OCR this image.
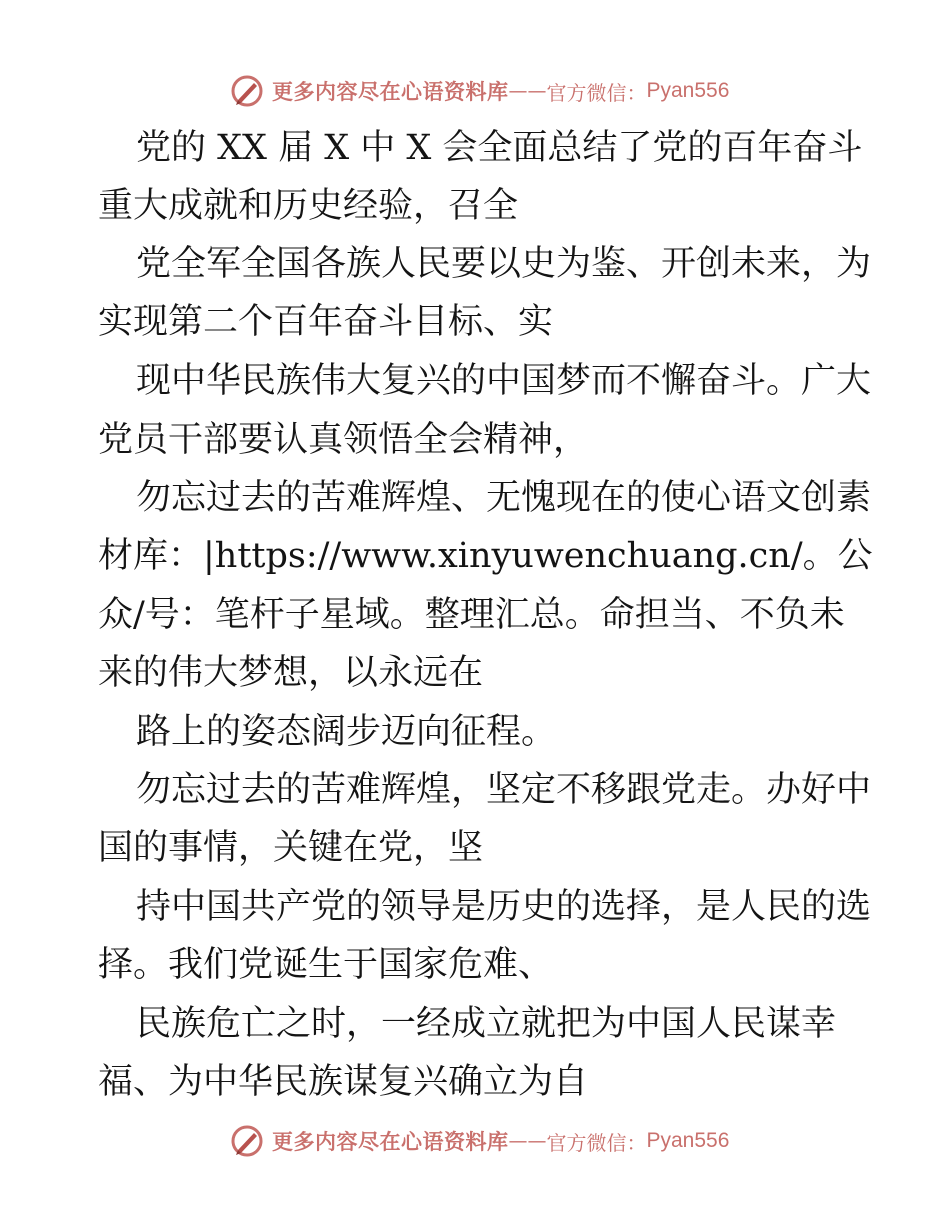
更多内容尽在心语资料库 —— 官方微信： Pyan556
党的 XX 届 X 中 X 会全面总结了党的百年奋斗
重大成就和历史经验，召全
党全军全国各族人民要以史为鉴、开创未来，为
实现第二个百年奋斗目标、实
现中华民族伟大复兴的中国梦而不懈奋斗。广大
党员干部要认真领悟全会精神，
勿忘过去的苦难辉煌、无愧现在的使心语文创素
材库：|https://www.xinyuwenchuang.cn/。公
众/号：笔杆子星域。整理汇总。命担当、不负未
来的伟大梦想，以永远在
路上的姿态阔步迈向征程。
勿忘过去的苦难辉煌，坚定不移跟党走。办好中
国的事情，关键在党，坚
持中国共产党的领导是历史的选择，是人民的选
择。我们党诞生于国家危难、
民族危亡之时，一经成立就把为中国人民谋幸
福、为中华民族谋复兴确立为自
更多内容尽在心语资料库 —— 官方微信： Pyan556
